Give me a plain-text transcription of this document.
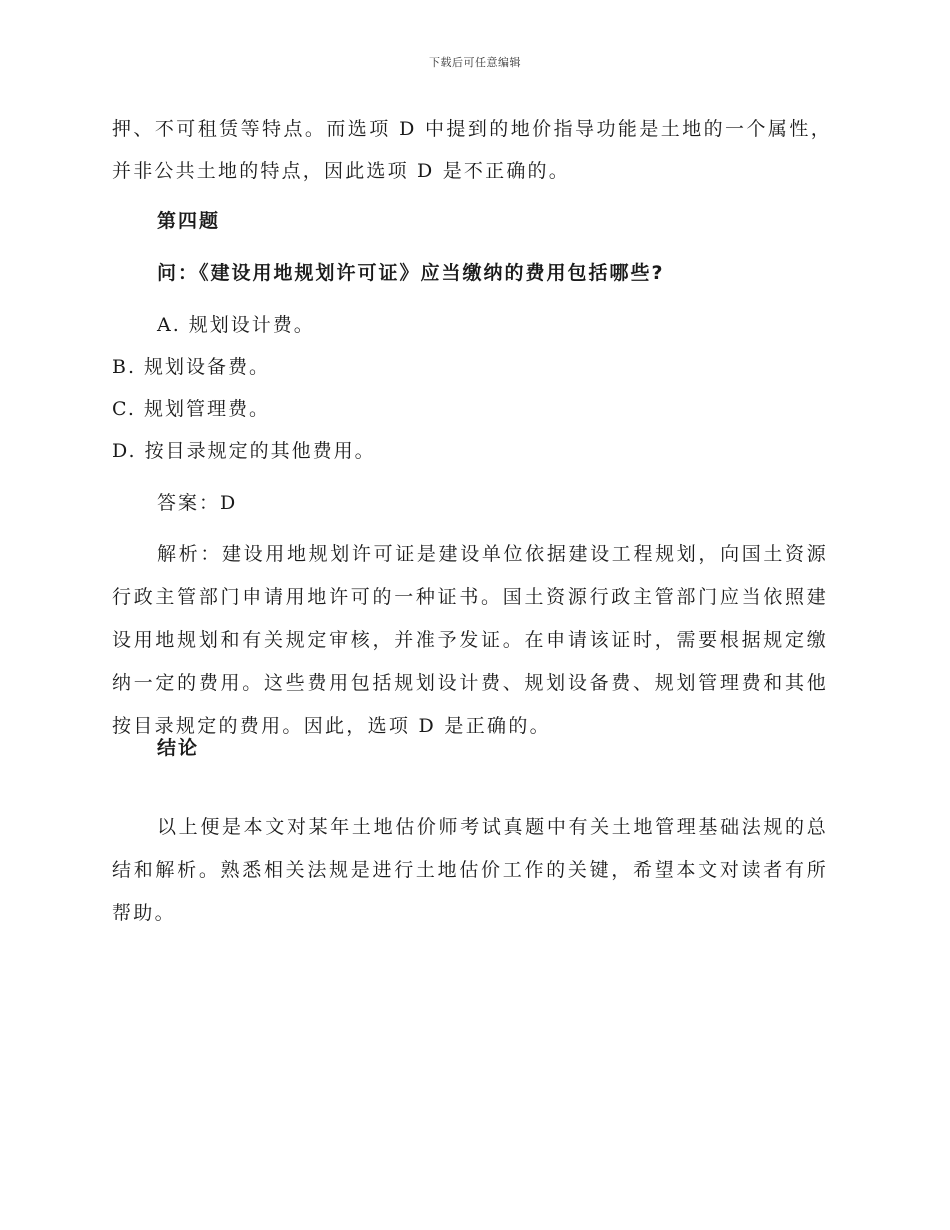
下载后可任意编辑

押、不可租赁等特点。而选项 D 中提到的地价指导功能是土地的一个属性，并非公共土地的特点，因此选项 D 是不正确的。

第四题

问：《建设用地规划许可证》应当缴纳的费用包括哪些?

A. 规划设计费。

B. 规划设备费。

C. 规划管理费。

D. 按目录规定的其他费用。

答案：D

解析：建设用地规划许可证是建设单位依据建设工程规划，向国土资源行政主管部门申请用地许可的一种证书。国土资源行政主管部门应当依照建设用地规划和有关规定审核，并准予发证。在申请该证时，需要根据规定缴纳一定的费用。这些费用包括规划设计费、规划设备费、规划管理费和其他按目录规定的费用。因此，选项 D 是正确的。

结论

以上便是本文对某年土地估价师考试真题中有关土地管理基础法规的总结和解析。熟悉相关法规是进行土地估价工作的关键，希望本文对读者有所帮助。
